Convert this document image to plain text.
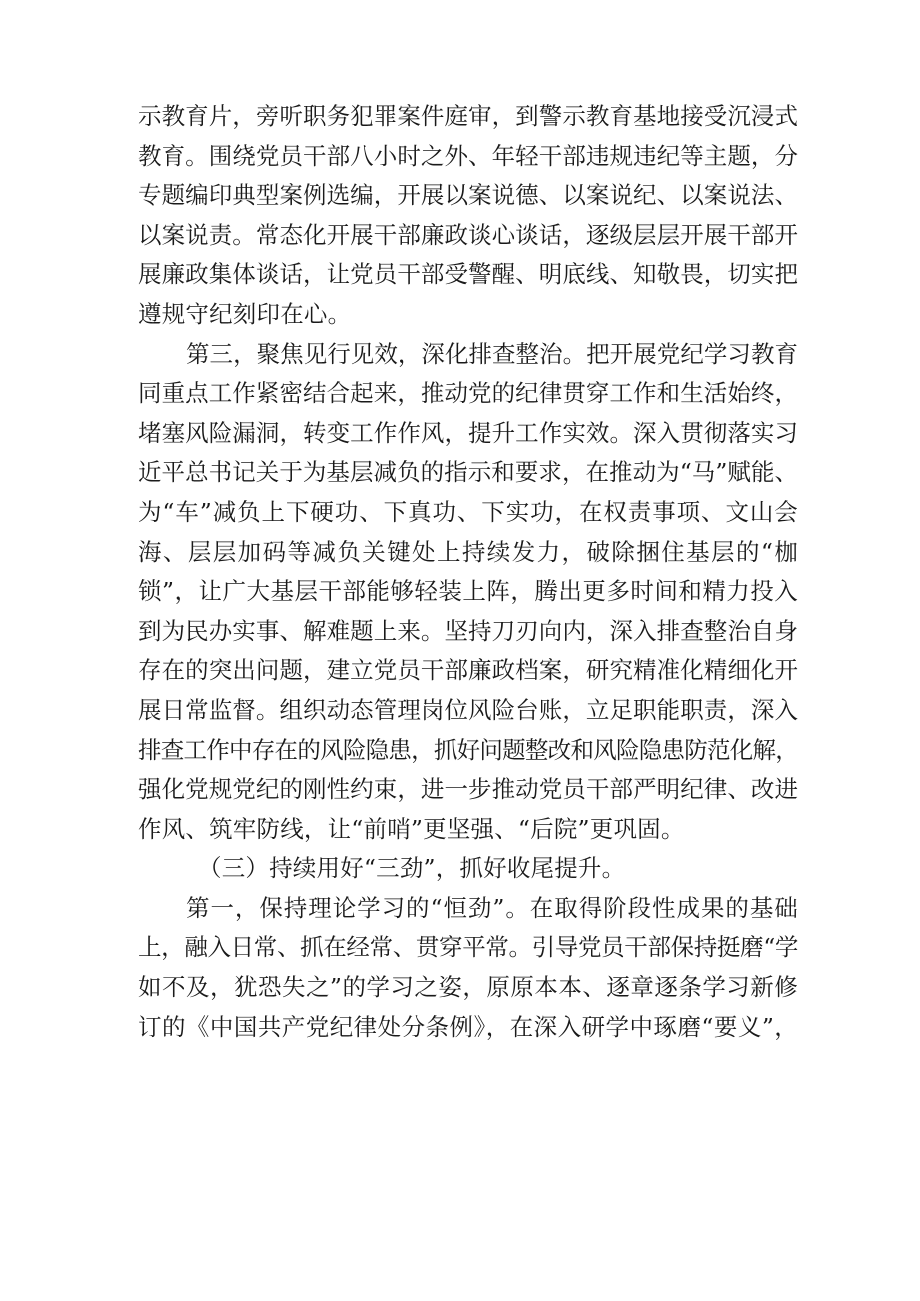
示教育片，旁听职务犯罪案件庭审，到警示教育基地接受沉浸式
教育。围绕党员干部八小时之外、年轻干部违规违纪等主题，分
专题编印典型案例选编，开展以案说德、以案说纪、以案说法、
以案说责。常态化开展干部廉政谈心谈话，逐级层层开展干部开
展廉政集体谈话，让党员干部受警醒、明底线、知敬畏，切实把
遵规守纪刻印在心。
第三，聚焦见行见效，深化排查整治。把开展党纪学习教育
同重点工作紧密结合起来，推动党的纪律贯穿工作和生活始终，
堵塞风险漏洞，转变工作作风，提升工作实效。深入贯彻落实习
近平总书记关于为基层减负的指示和要求，在推动为“马”赋能、
为“车”减负上下硬功、下真功、下实功，在权责事项、文山会
海、层层加码等减负关键处上持续发力，破除捆住基层的“枷
锁”，让广大基层干部能够轻装上阵，腾出更多时间和精力投入
到为民办实事、解难题上来。坚持刀刃向内，深入排查整治自身
存在的突出问题，建立党员干部廉政档案，研究精准化精细化开
展日常监督。组织动态管理岗位风险台账，立足职能职责，深入
排查工作中存在的风险隐患，抓好问题整改和风险隐患防范化解，
强化党规党纪的刚性约束，进一步推动党员干部严明纪律、改进
作风、筑牢防线，让“前哨”更坚强、“后院”更巩固。
（三）持续用好“三劲”，抓好收尾提升。
第一，保持理论学习的“恒劲”。在取得阶段性成果的基础
上，融入日常、抓在经常、贯穿平常。引导党员干部保持挺磨“学
如不及，犹恐失之”的学习之姿，原原本本、逐章逐条学习新修
订的《中国共产党纪律处分条例》，在深入研学中琢磨“要义”，
